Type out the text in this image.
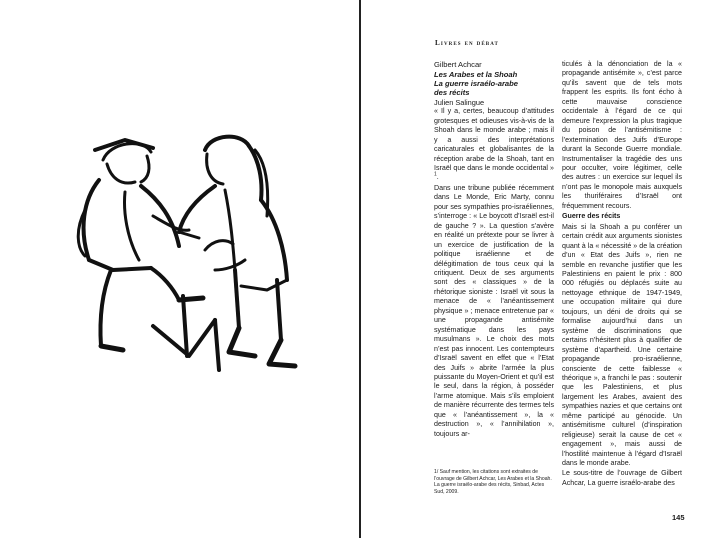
Livres en débat

Gilbert Achcar

Les Arabes et la Shoah
La guerre israélo-arabe
des récits

Julien Salingue

« Il y a, certes, beaucoup d’attitudes grotesques et odieuses vis-à-vis de la Shoah dans le monde arabe ; mais il y a aussi des interprétations caricaturales et globalisantes de la réception arabe de la Shoah, tant en Israël que dans le monde occidental » $^1$.

Dans une tribune publiée récemment dans Le Monde, Eric Marty, connu pour ses sympathies pro-israéliennes, s’interroge : « Le boycott d’Israël est-il de gauche ? ». La question s’avère en réalité un prétexte pour se livrer à un exercice de justification de la politique israélienne et de délégitimation de tous ceux qui la critiquent. Deux de ses arguments sont des « classiques » de la rhétorique sioniste : Israël vit sous la menace de « l’anéantissement physique » ; menace entretenue par « une propagande antisémite systématique dans les pays musulmans ». Le choix des mots n’est pas innocent. Les contempteurs d’Israël savent en effet que « l’Etat des Juifs » abrite l’armée la plus puissante du Moyen-Orient et qu’il est le seul, dans la région, à posséder l’arme atomique. Mais s’ils emploient de manière récurrente des termes tels que « l’anéantissement », la « destruction », « l’annihilation », toujours ar-

ticulés à la dénonciation de la « propagande antisémite », c’est parce qu’ils savent que de tels mots frappent les esprits. Ils font écho à cette mauvaise conscience occidentale à l’égard de ce qui demeure l’expression la plus tragique du poison de l’antisémitisme : l’extermination des Juifs d’Europe durant la Seconde Guerre mondiale. Instrumentaliser la tragédie des uns pour occulter, voire légitimer, celle des autres : un exercice sur lequel ils n’ont pas le monopole mais auxquels les thuriféraires d’Israël ont fréquemment recours.

Guerre des récits

Mais si la Shoah a pu conférer un certain crédit aux arguments sionistes quant à la « nécessité » de la création d’un « Etat des Juifs », rien ne semble en revanche justifier que les Palestiniens en paient le prix : 800 000 réfugiés ou déplacés suite au nettoyage ethnique de 1947-1949, une occupation militaire qui dure toujours, un déni de droits qui se formalise aujourd’hui dans un système de discriminations que certains n’hésitent plus à qualifier de système d’apartheid. Une certaine propagande pro-israélienne, consciente de cette faiblesse « théorique », a franchi le pas : soutenir que les Palestiniens, et plus largement les Arabes, avaient des sympathies nazies et que certains ont même participé au génocide. Un antisémitisme culturel (d’inspiration religieuse) serait la cause de cet « engagement », mais aussi de l’hostilité maintenue à l’égard d’Israël dans le monde arabe.

Le sous-titre de l’ouvrage de Gilbert Achcar, La guerre israélo-arabe des

1/ Sauf mention, les citations sont extraites de l’ouvrage de Gilbert Achcar, Les Arabes et la Shoah. La guerre israélo-arabe des récits, Sinbad, Actes Sud, 2009.
145
